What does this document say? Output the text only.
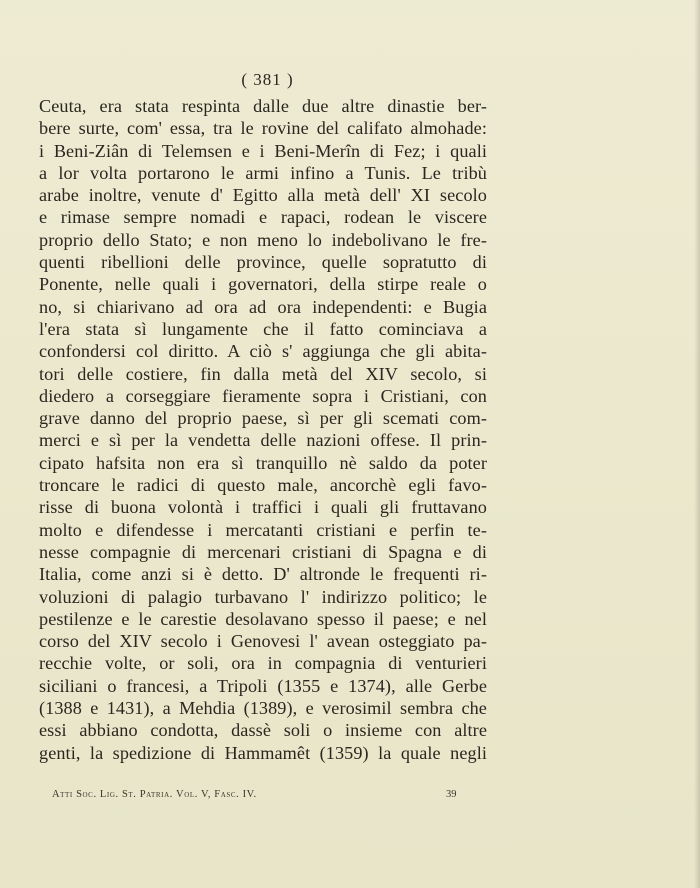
( 381 )
Ceuta, era stata respinta dalle due altre dinastie ber-
bere surte, com' essa, tra le rovine del califato almohade:
i Beni-Ziân di Telemsen e i Beni-Merîn di Fez; i quali
a lor volta portarono le armi infino a Tunis. Le tribù
arabe inoltre, venute d' Egitto alla metà dell' XI secolo
e rimase sempre nomadi e rapaci, rodean le viscere
proprio dello Stato; e non meno lo indebolivano le fre-
quenti ribellioni delle province, quelle sopratutto di
Ponente, nelle quali i governatori, della stirpe reale o
no, si chiarivano ad ora ad ora independenti: e Bugia
l'era stata sì lungamente che il fatto cominciava a
confondersi col diritto. A ciò s' aggiunga che gli abita-
tori delle costiere, fin dalla metà del XIV secolo, si
diedero a corseggiare fieramente sopra i Cristiani, con
grave danno del proprio paese, sì per gli scemati com-
merci e sì per la vendetta delle nazioni offese. Il prin-
cipato hafsita non era sì tranquillo nè saldo da poter
troncare le radici di questo male, ancorchè egli favo-
risse di buona volontà i traffici i quali gli fruttavano
molto e difendesse i mercatanti cristiani e perfin te-
nesse compagnie di mercenari cristiani di Spagna e di
Italia, come anzi si è detto. D' altronde le frequenti ri-
voluzioni di palagio turbavano l' indirizzo politico; le
pestilenze e le carestie desolavano spesso il paese; e nel
corso del XIV secolo i Genovesi l' avean osteggiato pa-
recchie volte, or soli, ora in compagnia di venturieri
siciliani o francesi, a Tripoli (1355 e 1374), alle Gerbe
(1388 e 1431), a Mehdia (1389), e verosimil sembra che
essi abbiano condotta, dassè soli o insieme con altre
genti, la spedizione di Hammamêt (1359) la quale negli
Atti Soc. Lig. St. Patria. Vol. V, Fasc. IV.	39
